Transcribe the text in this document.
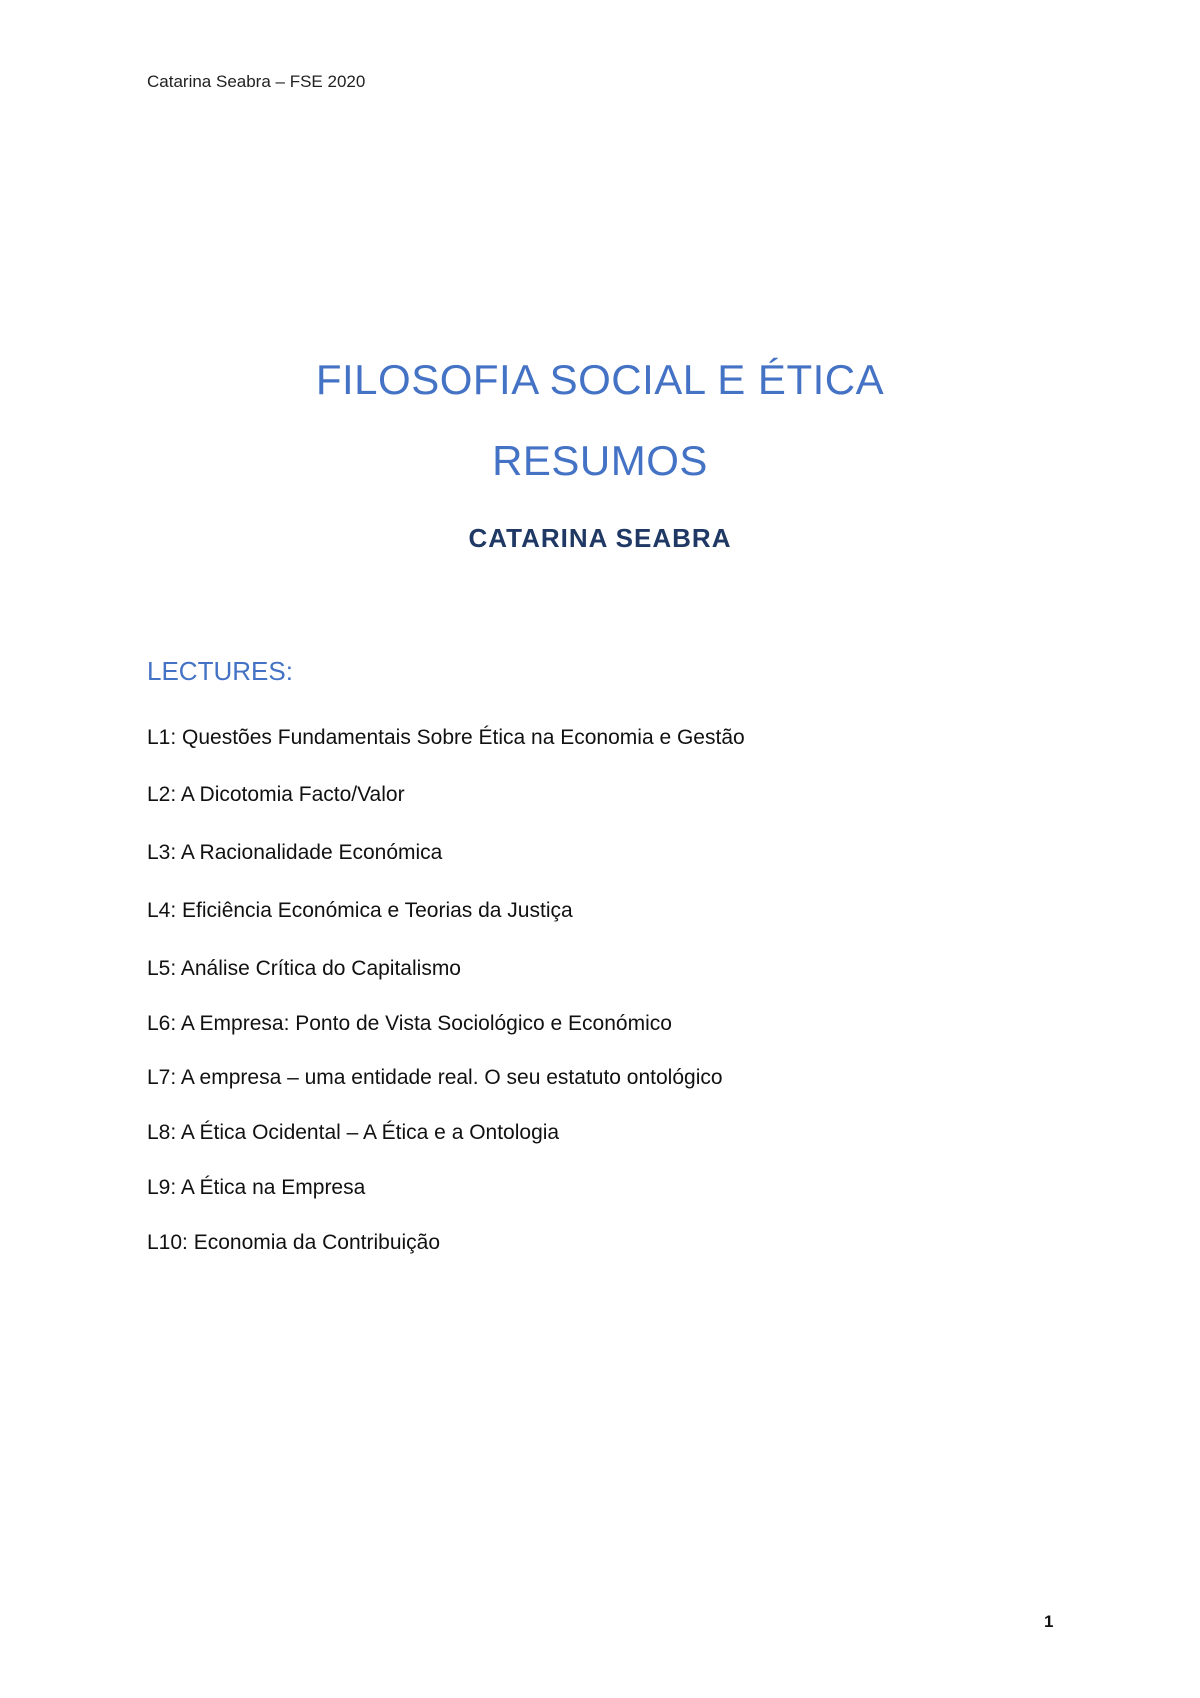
Catarina Seabra – FSE 2020
FILOSOFIA SOCIAL E ÉTICA
RESUMOS
CATARINA SEABRA
LECTURES:
L1: Questões Fundamentais Sobre Ética na Economia e Gestão
L2: A Dicotomia Facto/Valor
L3: A Racionalidade Económica
L4: Eficiência Económica e Teorias da Justiça
L5: Análise Crítica do Capitalismo
L6: A Empresa: Ponto de Vista Sociológico e Económico
L7: A empresa – uma entidade real. O seu estatuto ontológico
L8: A Ética Ocidental – A Ética e a Ontologia
L9: A Ética na Empresa
L10: Economia da Contribuição
1
